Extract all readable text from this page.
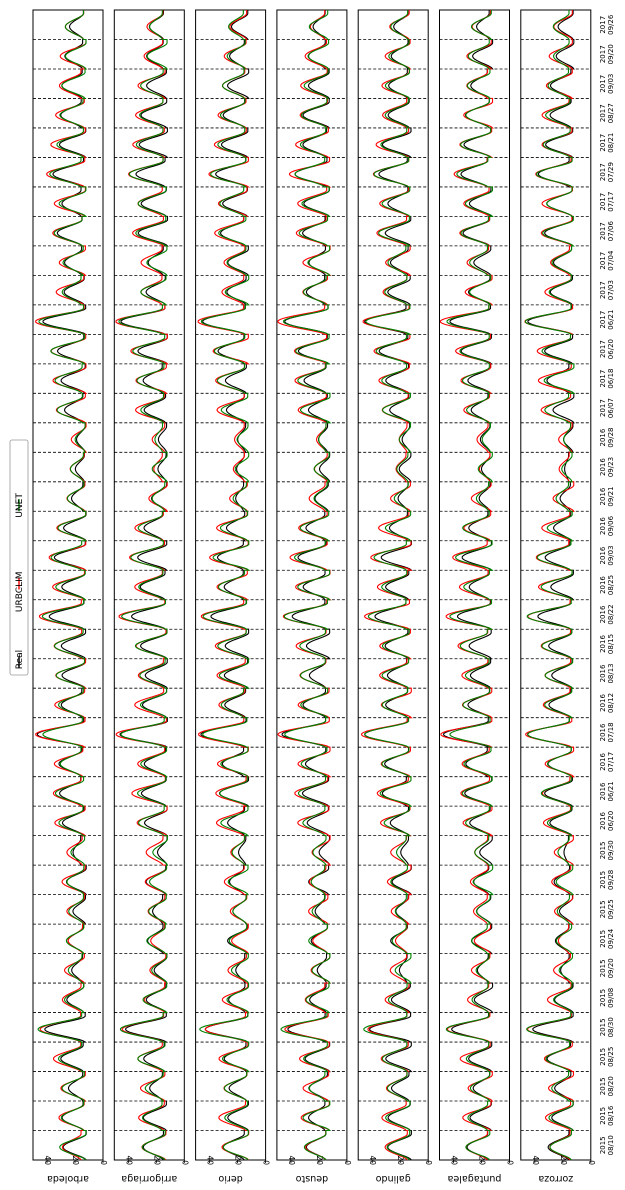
Real
URBCLIM
UNET
0
20
40
arboleda
0
20
40
arrigorriaga
0
20
40
derio
0
20
40
deusto
0
20
40
galindo
0
20
40
puntagalea
0
20
40
zorroza
2015 08/10
2015 08/16
2015 08/20
2015 08/25
2015 08/30
2015 09/08
2015 09/20
2015 09/24
2015 09/25
2015 09/28
2015 09/30
2016 06/20
2016 06/21
2016 07/17
2016 07/18
2016 08/12
2016 08/13
2016 08/15
2016 08/22
2016 08/25
2016 09/03
2016 09/06
2016 09/21
2016 09/23
2016 09/28
2017 06/07
2017 06/18
2017 06/20
2017 06/21
2017 07/03
2017 07/04
2017 07/06
2017 07/17
2017 07/29
2017 08/21
2017 08/27
2017 09/03
2017 09/20
2017 09/26
